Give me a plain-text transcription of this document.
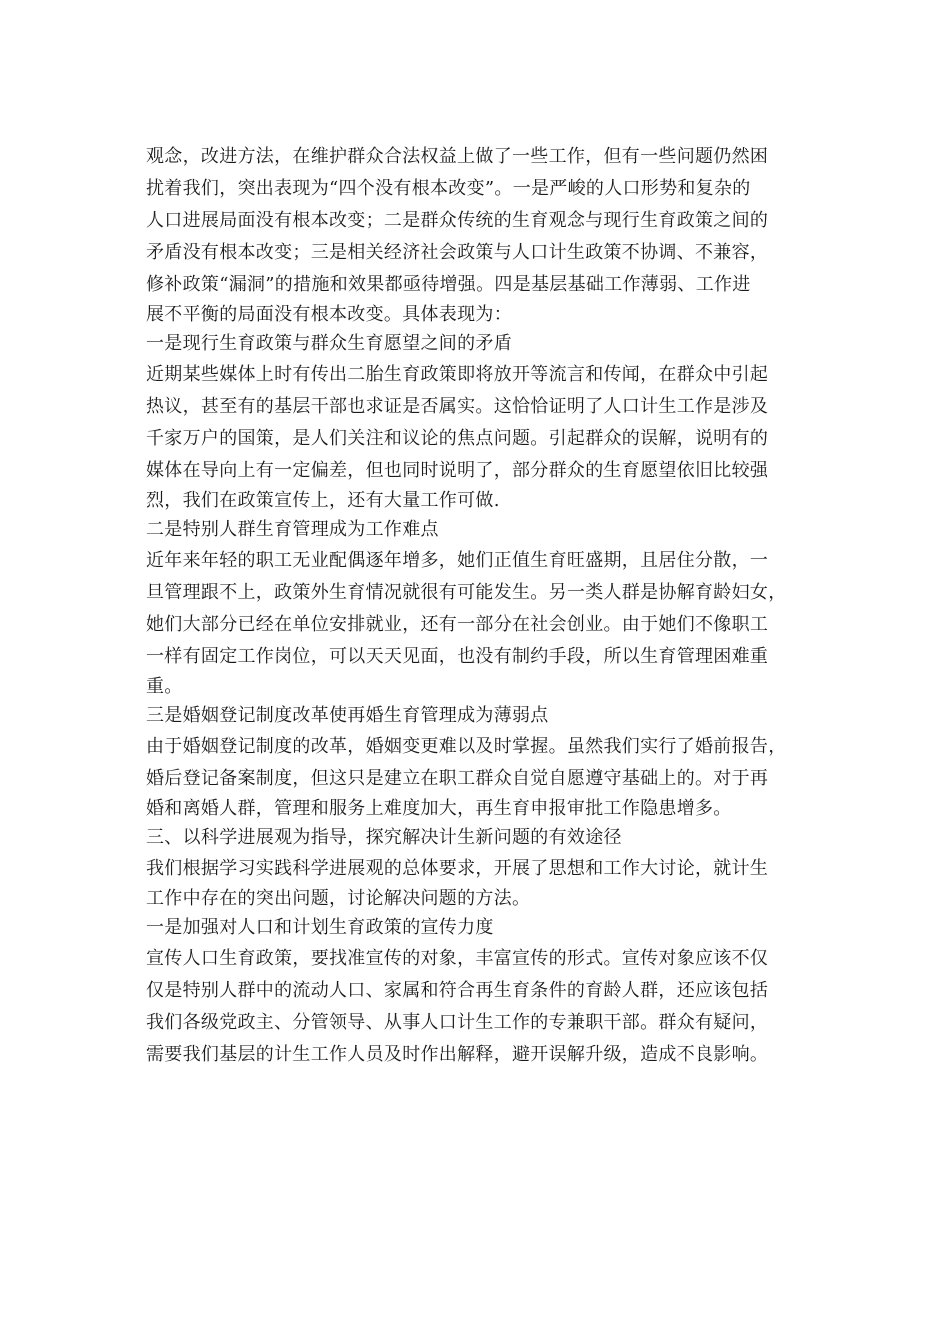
观念，改进方法，在维护群众合法权益上做了一些工作，但有一些问题仍然困
扰着我们，突出表现为“四个没有根本改变”。一是严峻的人口形势和复杂的
人口进展局面没有根本改变；二是群众传统的生育观念与现行生育政策之间的
矛盾没有根本改变；三是相关经济社会政策与人口计生政策不协调、不兼容，
修补政策“漏洞”的措施和效果都亟待增强。四是基层基础工作薄弱、工作进
展不平衡的局面没有根本改变。具体表现为：

一是现行生育政策与群众生育愿望之间的矛盾

近期某些媒体上时有传出二胎生育政策即将放开等流言和传闻，在群众中引起
热议，甚至有的基层干部也求证是否属实。这恰恰证明了人口计生工作是涉及
千家万户的国策，是人们关注和议论的焦点问题。引起群众的误解，说明有的
媒体在导向上有一定偏差，但也同时说明了，部分群众的生育愿望依旧比较强
烈，我们在政策宣传上，还有大量工作可做.

二是特别人群生育管理成为工作难点

近年来年轻的职工无业配偶逐年增多，她们正值生育旺盛期，且居住分散，一
旦管理跟不上，政策外生育情况就很有可能发生。另一类人群是协解育龄妇女，
她们大部分已经在单位安排就业，还有一部分在社会创业。由于她们不像职工
一样有固定工作岗位，可以天天见面，也没有制约手段，所以生育管理困难重
重。

三是婚姻登记制度改革使再婚生育管理成为薄弱点

由于婚姻登记制度的改革，婚姻变更难以及时掌握。虽然我们实行了婚前报告，
婚后登记备案制度，但这只是建立在职工群众自觉自愿遵守基础上的。对于再
婚和离婚人群，管理和服务上难度加大，再生育申报审批工作隐患增多。

三、以科学进展观为指导，探究解决计生新问题的有效途径

我们根据学习实践科学进展观的总体要求，开展了思想和工作大讨论，就计生
工作中存在的突出问题，讨论解决问题的方法。

一是加强对人口和计划生育政策的宣传力度

宣传人口生育政策，要找准宣传的对象，丰富宣传的形式。宣传对象应该不仅
仅是特别人群中的流动人口、家属和符合再生育条件的育龄人群，还应该包括
我们各级党政主、分管领导、从事人口计生工作的专兼职干部。群众有疑问，
需要我们基层的计生工作人员及时作出解释，避开误解升级，造成不良影响。
